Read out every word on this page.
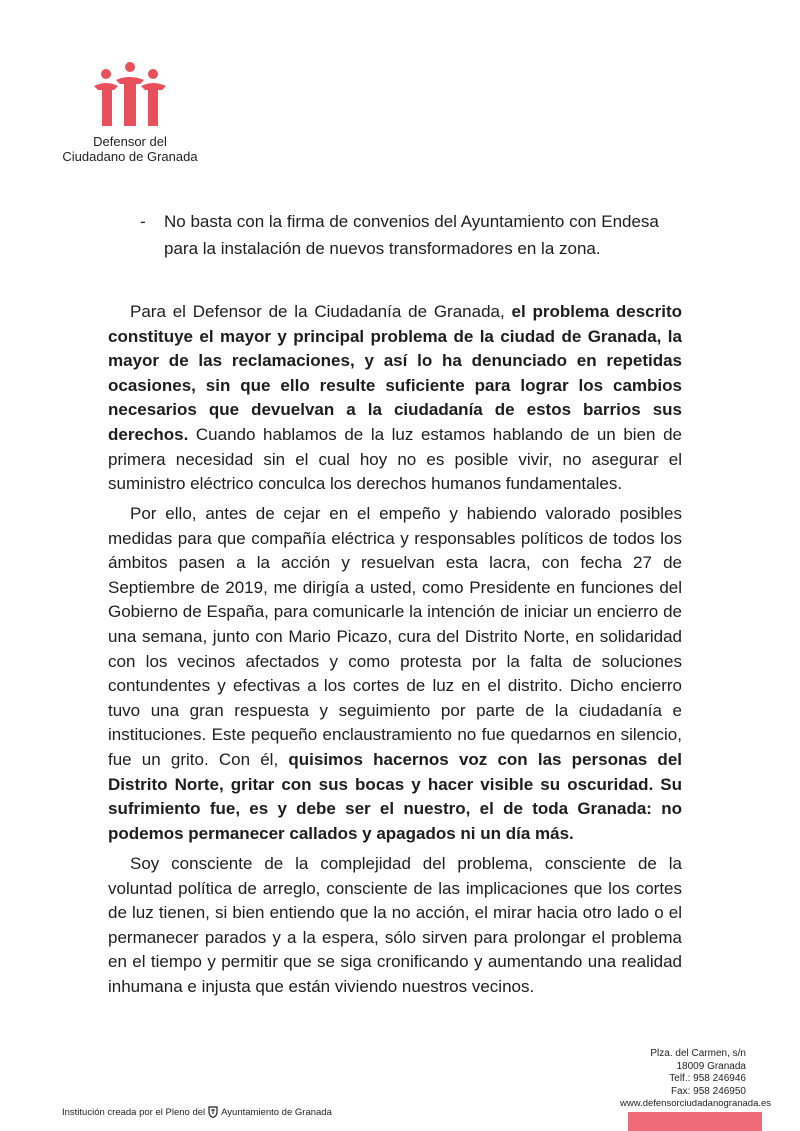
Defensor del
Ciudadano de Granada
- No basta con la firma de convenios del Ayuntamiento con Endesa para la instalación de nuevos transformadores en la zona.
Para el Defensor de la Ciudadanía de Granada, el problema descrito constituye el mayor y principal problema de la ciudad de Granada, la mayor de las reclamaciones, y así lo ha denunciado en repetidas ocasiones, sin que ello resulte suficiente para lograr los cambios necesarios que devuelvan a la ciudadanía de estos barrios sus derechos. Cuando hablamos de la luz estamos hablando de un bien de primera necesidad sin el cual hoy no es posible vivir, no asegurar el suministro eléctrico conculca los derechos humanos fundamentales.
Por ello, antes de cejar en el empeño y habiendo valorado posibles medidas para que compañía eléctrica y responsables políticos de todos los ámbitos pasen a la acción y resuelvan esta lacra, con fecha 27 de Septiembre de 2019, me dirigía a usted, como Presidente en funciones del Gobierno de España, para comunicarle la intención de iniciar un encierro de una semana, junto con Mario Picazo, cura del Distrito Norte, en solidaridad con los vecinos afectados y como protesta por la falta de soluciones contundentes y efectivas a los cortes de luz en el distrito. Dicho encierro tuvo una gran respuesta y seguimiento por parte de la ciudadanía e instituciones. Este pequeño enclaustramiento no fue quedarnos en silencio, fue un grito. Con él, quisimos hacernos voz con las personas del Distrito Norte, gritar con sus bocas y hacer visible su oscuridad. Su sufrimiento fue, es y debe ser el nuestro, el de toda Granada: no podemos permanecer callados y apagados ni un día más.
Soy consciente de la complejidad del problema, consciente de la voluntad política de arreglo, consciente de las implicaciones que los cortes de luz tienen, si bien entiendo que la no acción, el mirar hacia otro lado o el permanecer parados y a la espera, sólo sirven para prolongar el problema en el tiempo y permitir que se siga cronificando y aumentando una realidad inhumana e injusta que están viviendo nuestros vecinos.
Plza. del Carmen, s/n
18009 Granada
Telf.: 958 246946
Fax: 958 246950
www.defensorciudadanogranada.es
Institución creada por el Pleno del Ayuntamiento de Granada
